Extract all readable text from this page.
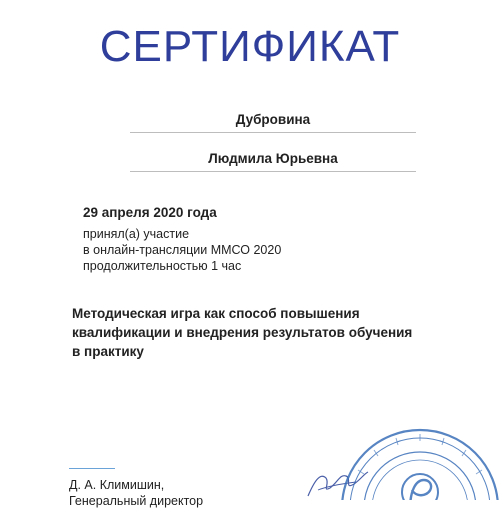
СЕРТИФИКАТ
Дубровина
Людмила Юрьевна
29 апреля 2020 года
принял(а) участие
в онлайн-трансляции ММСО 2020
продолжительностью 1 час
Методическая игра как способ повышения квалификации и внедрения результатов обучения в практику
Д. А. Климишин,
Генеральный директор
